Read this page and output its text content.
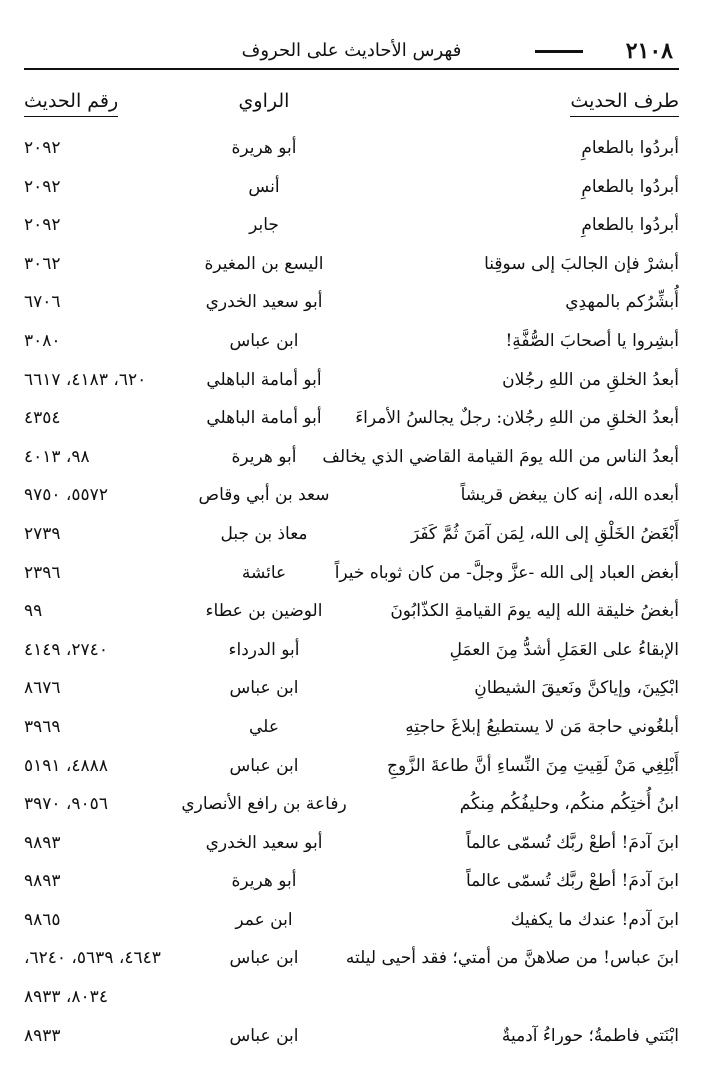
٢١٠٨
فهرس الأحاديث على الحروف
طرف الحديث
الراوي
رقم الحديث
أبردُوا بالطعامِ
أبو هريرة
٢٠٩٢
أبردُوا بالطعامِ
أنس
٢٠٩٢
أبردُوا بالطعامِ
جابر
٢٠٩٢
أبشرْ فإن الجالبَ إلى سوقِنا
اليسع بن المغيرة
٣٠٦٢
أُبشِّرُكم بالمهدِي
أبو سعيد الخدري
٦٧٠٦
أبشِروا يا أصحابَ الصُّفَّةِ!
ابن عباس
٣٠٨٠
أبعدُ الخلقِ من اللهِ رجُلان
أبو أمامة الباهلي
٦٢٠، ٤١٨٣، ٦٦١٧
أبعدُ الخلقِ من اللهِ رجُلان: رجلٌ يجالسُ الأمراءَ
أبو أمامة الباهلي
٤٣٥٤
أبعدُ الناس من الله يومَ القيامة القاضي الذي يخالف
أبو هريرة
٩٨، ٤٠١٣
أبعده الله، إنه كان يبغض قريشاً
سعد بن أبي وقاص
٥٥٧٢، ٩٧٥٠
أَبْغَضُ الخَلْقِ إلى الله، لِمَن آمَنَ ثُمَّ كَفَرَ
معاذ بن جبل
٢٧٣٩
أبغض العباد إلى الله -عزَّ وجلَّ- من كان ثوباه خيراً
عائشة
٢٣٩٦
أبغضُ خليقة الله إليه يومَ القيامةِ الكذّابُونَ
الوضين بن عطاء
٩٩
الإبقاءُ على العَمَلِ أشدُّ مِنَ العمَلِ
أبو الدرداء
٢٧٤٠، ٤١٤٩
ابْكِينَ، وإياكنَّ ونَعيقَ الشيطانِ
ابن عباس
٨٦٧٦
أبلغُوني حاجة مَن لا يستطيعُ إبلاغَ حاجتِهِ
علي
٣٩٦٩
أَبْلِغِي مَنْ لَقِيتِ مِنَ النِّساءِ أنَّ طاعةَ الزَّوجِ
ابن عباس
٤٨٨٨، ٥١٩١
ابنُ أُختِكُم منكُم، وحليفُكُم مِنكُم
رفاعة بن رافع الأنصاري
٩٠٥٦، ٣٩٧٠
ابنَ آدمَ! أطعْ ربَّك تُسمّى عالماً
أبو سعيد الخدري
٩٨٩٣
ابنَ آدمَ! أطعْ ربَّك تُسمّى عالماً
أبو هريرة
٩٨٩٣
ابنَ آدم! عندك ما يكفيك
ابن عمر
٩٨٦٥
ابنَ عباس! من صلاهنَّ من أمتي؛ فقد أحيى ليلته
ابن عباس
٤٦٤٣، ٥٦٣٩، ٦٢٤٠،
٨٠٣٤، ٨٩٣٣
ابْنَتي فاطمةُ؛ حوراءُ آدميةٌ
ابن عباس
٨٩٣٣
